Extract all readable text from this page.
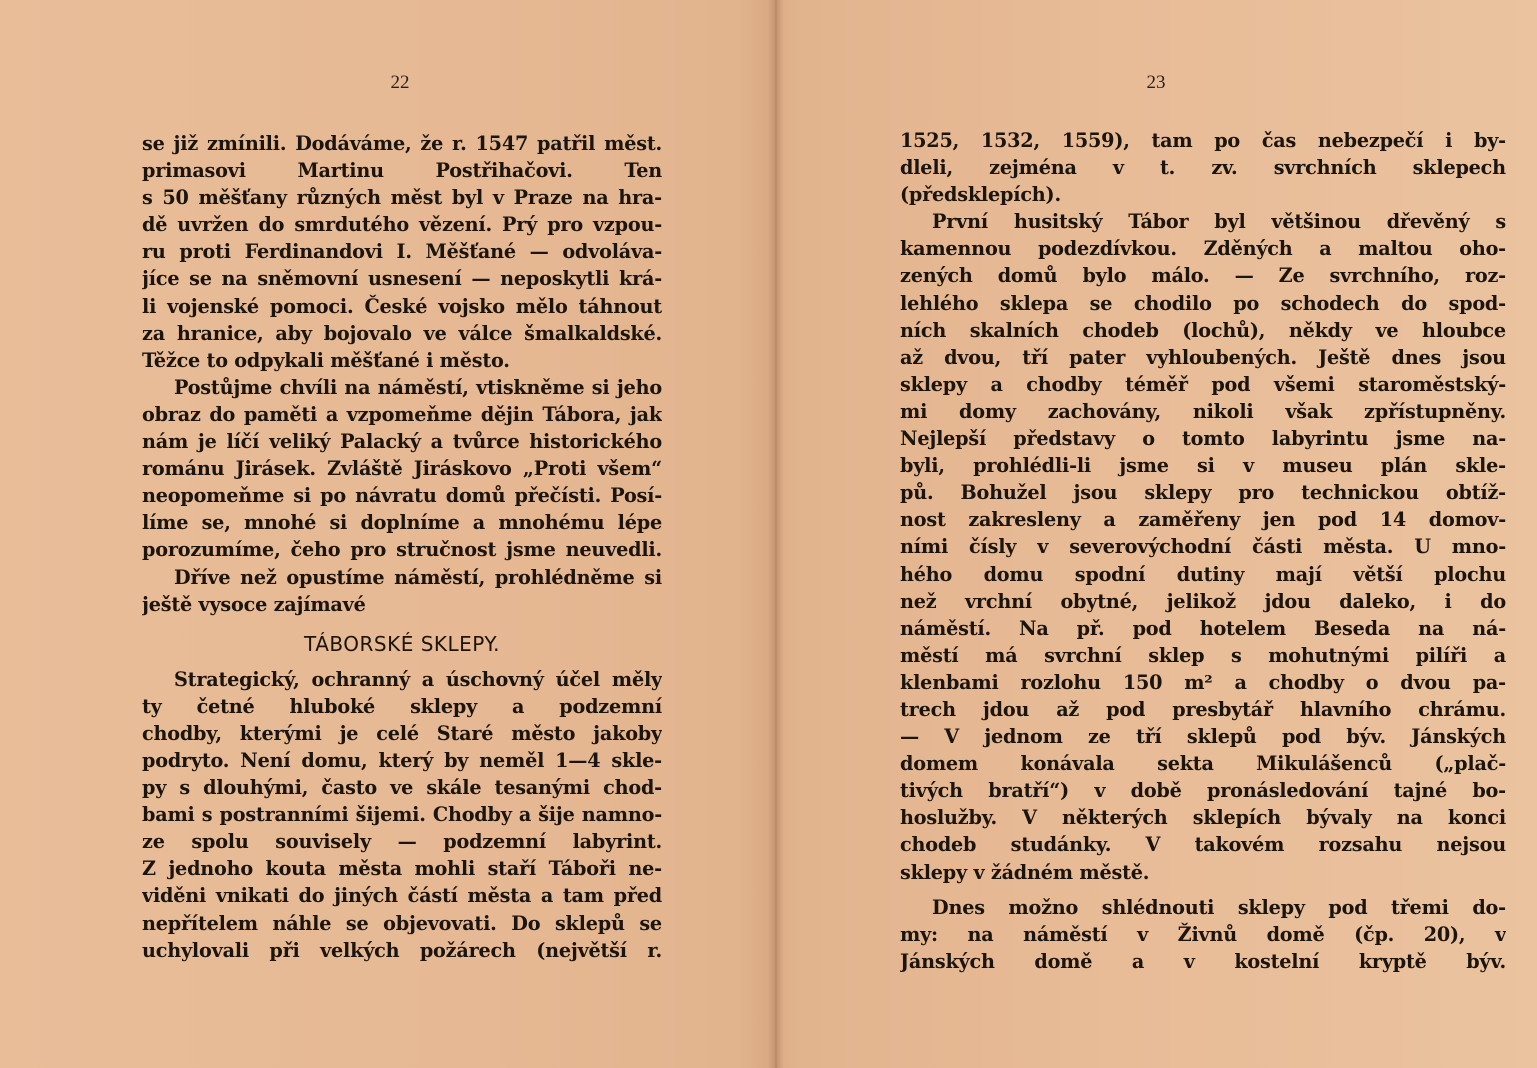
22
se již zmínili. Dodáváme, že r. 1547 patřil měst.
primasovi	Martinu	Postřihačovi.	Ten
s 50 měšťany různých měst byl v Praze na hra-
dě uvržen do smrdutého vězení. Prý pro vzpou-
ru proti Ferdinandovi I. Měšťané — odvoláva-
jíce se na sněmovní usnesení — neposkytli krá-
li vojenské pomoci. České vojsko mělo táhnout
za hranice, aby bojovalo ve válce šmalkaldské.
Těžce to odpykali měšťané i město.
Postůjme chvíli na náměstí, vtiskněme si jeho
obraz do paměti a vzpomeňme dějin Tábora, jak
nám je líčí veliký Palacký a tvůrce historického
románu Jirásek. Zvláště Jiráskovo „Proti všem“
neopomeňme si po návratu domů přečísti. Posí-
líme se, mnohé si doplníme a mnohému lépe
porozumíme, čeho pro stručnost jsme neuvedli.
Dříve než opustíme náměstí, prohlédněme si
ještě vysoce zajímavé
TÁBORSKÉ SKLEPY.
Strategický, ochranný a úschovný účel měly
ty četné hluboké sklepy a podzemní
chodby, kterými je celé Staré město jakoby
podryto. Není domu, který by neměl 1—4 skle-
py s dlouhými, často ve skále tesanými chod-
bami s postranními šijemi. Chodby a šije namno-
ze spolu souvisely — podzemní labyrint.
Z jednoho kouta města mohli staří Táboři ne-
viděni vnikati do jiných částí města a tam před
nepřítelem náhle se objevovati. Do sklepů se
uchylovali při velkých požárech (největší r.
23
1525, 1532, 1559), tam po čas nebezpečí i by-
dleli, zejména v t. zv. svrchních sklepech
(předsklepích).
První husitský Tábor byl většinou dřevěný s
kamennou podezdívkou. Zděných a maltou oho-
zených domů bylo málo. — Ze svrchního, roz-
lehlého sklepa se chodilo po schodech do spod-
ních skalních chodeb (lochů), někdy ve hloubce
až dvou, tří pater vyhloubených. Ještě dnes jsou
sklepy a chodby téměř pod všemi staroměstský-
mi domy zachovány, nikoli však zpřístupněny.
Nejlepší představy o tomto labyrintu jsme na-
byli, prohlédli-li jsme si v museu plán skle-
pů. Bohužel jsou sklepy pro technickou obtíž-
nost zakresleny a zaměřeny jen pod 14 domov-
ními čísly v severovýchodní části města. U mno-
hého domu spodní dutiny mají větší plochu
než vrchní obytné, jelikož jdou daleko, i do
náměstí. Na př. pod hotelem Beseda na ná-
městí má svrchní sklep s mohutnými pilíři a
klenbami rozlohu 150 m² a chodby o dvou pa-
trech jdou až pod presbytář hlavního chrámu.
— V jednom ze tří sklepů pod býv. Jánských
domem konávala sekta Mikulášenců („plač-
tivých bratří“) v době pronásledování tajné bo-
hoslužby. V některých sklepích bývaly na konci
chodeb studánky. V takovém rozsahu nejsou
sklepy v žádném městě.
Dnes možno shlédnouti sklepy pod třemi do-
my: na náměstí v Živnů domě (čp. 20), v
Jánských domě a v kostelní kryptě býv.
